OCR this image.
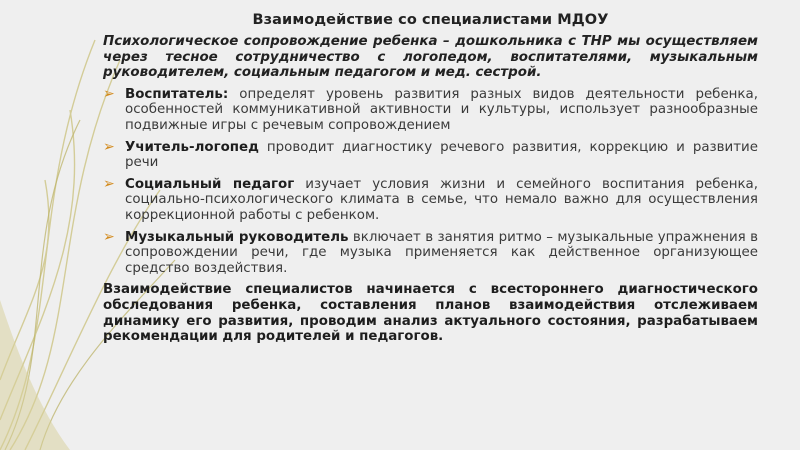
Взаимодействие со специалистами МДОУ
Психологическое сопровождение ребенка – дошкольника с ТНР мы осуществляем через тесное сотрудничество с логопедом, воспитателями, музыкальным руководителем, социальным педагогом и мед. сестрой.
➢ Воспитатель: определят уровень развития разных видов деятельности ребенка, особенностей коммуникативной активности и культуры, использует разнообразные подвижные игры с речевым сопровождением
➢ Учитель-логопед проводит диагностику речевого развития, коррекцию и развитие речи
➢ Социальный педагог изучает условия жизни и семейного воспитания ребенка, социально-психологического климата в семье, что немало важно для осуществления коррекционной работы с ребенком.
➢ Музыкальный руководитель включает в занятия ритмо – музыкальные упражнения в сопровождении речи, где музыка применяется как действенное организующее средство воздействия.
Взаимодействие специалистов начинается с всестороннего диагностического обследования ребенка, составления планов взаимодействия отслеживаем динамику его развития, проводим анализ актуального состояния, разрабатываем рекомендации для родителей и педагогов.
